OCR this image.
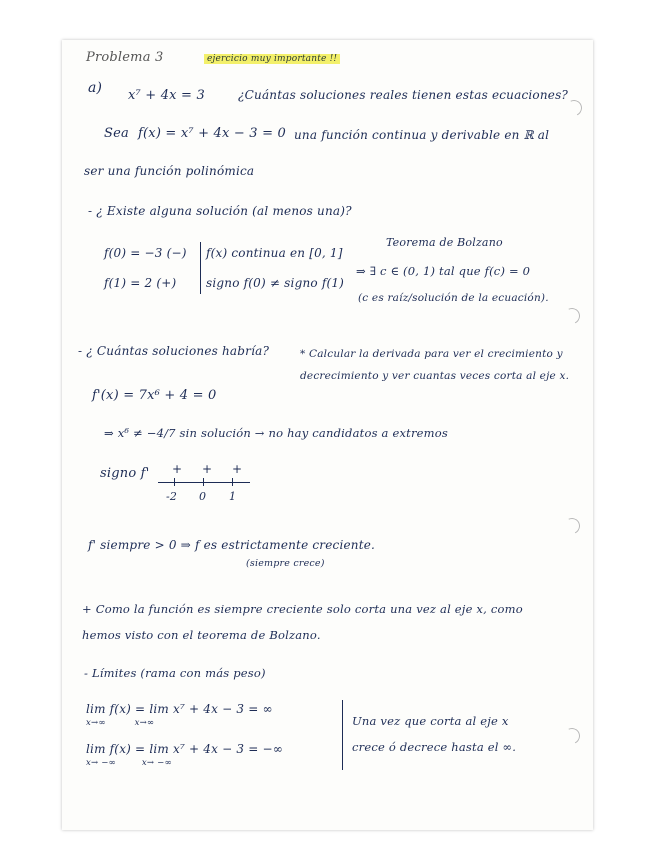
Problema 3	ejercicio muy importante !!
a) x⁷ + 4x = 3	¿Cuántas soluciones reales tienen estas ecuaciones?
Sea f(x) = x⁷ + 4x − 3 = 0 una función continua y derivable en ℝ al
ser una función polinómica
- ¿ Existe alguna solución (al menos una)?
f(0) = −3 (−)
f(1) = 2 (+)
f(x) continua en [0, 1]
signo f(0) ≠ signo f(1)
Teorema de Bolzano
⇒ ∃ c ∈ (0, 1) tal que f(c) = 0
(c es raíz/solución de la ecuación).
- ¿ Cuántas soluciones habría?	* Calcular la derivada para ver el crecimiento y
decrecimiento y ver cuantas veces corta al eje x.
f'(x) = 7x⁶ + 4 = 0
⇒ x⁶ ≠ −4/7 sin solución → no hay candidatos a extremos
signo f' + + +
-2 0 1
f' siempre > 0 ⇒ f es estrictamente creciente.
(siempre crece)
+ Como la función es siempre creciente solo corta una vez al eje x, como
hemos visto con el teorema de Bolzano.
- Límites (rama con más peso)
lim f(x) = lim x⁷ + 4x − 3 = ∞
x→∞          x→∞
lim f(x) = lim x⁷ + 4x − 3 = −∞
x→ −∞         x→ −∞
Una vez que corta al eje x
crece ó decrece hasta el ∞.
